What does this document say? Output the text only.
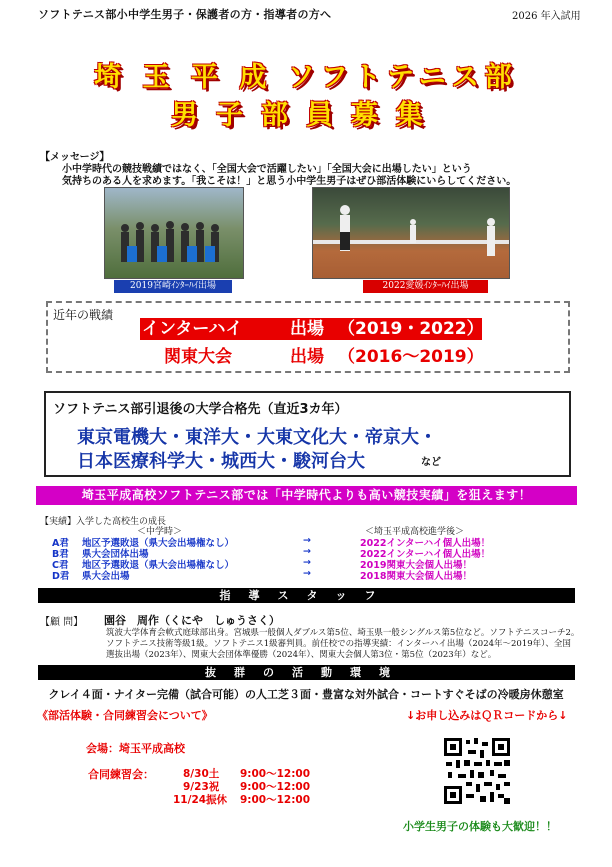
ソフトテニス部小中学生男子・保護者の方・指導者の方へ	2026 年入試用
埼 玉 平 成 ソフトテニス部
男子部員募集
【メッセージ】
小中学時代の競技戦績ではなく、「全国大会で活躍したい」「全国大会に出場したい」という
気持ちのある人を求めます。「我こそは！」と思う小中学生男子はぜひ部活体験にいらしてください。
2019宮崎ｲﾝﾀｰﾊｲ出場	2022愛媛ｲﾝﾀｰﾊｲ出場
近年の戦績
インターハイ	出場 （2019・2022）
関東大会	出場 （2016〜2019）
ソフトテニス部引退後の大学合格先（直近3カ年）
東京電機大・東洋大・大東文化大・帝京大・
日本医療科学大・城西大・駿河台大	など
埼玉平成高校ソフトテニス部では「中学時代よりも高い競技実績」を狙えます！
【実績】入学した高校生の成長
＜中学時＞	＜埼玉平成高校進学後＞
A君 地区予選敗退（県大会出場権なし）	→	2022インターハイ個人出場！
B君 県大会団体出場	→	2022インターハイ個人出場！
C君 地区予選敗退（県大会出場権なし）	→	2019関東大会個人出場！
D君 県大会出場	→	2018関東大会個人出場！
指導スタッフ
【顧 問】 園谷　周作（くにや　しゅうさく）
筑波大学体育会軟式庭球部出身。宮城県一般個人ダブルス第5位、埼玉県一般シングルス第5位など。ソフトテニスコーチ2。
ソフトテニス技術等級1級。ソフトテニス1級審判員。前任校での指導実績：インターハイ出場（2024年〜2019年）、全国
選抜出場（2023年）、関東大会団体準優勝（2024年）、関東大会個人第3位・第5位（2023年）など。
抜群の活動環境
クレイ４面・ナイター完備（試合可能）の人工芝３面・豊富な対外試合・コートすぐそばの冷暖房休憩室
《部活体験・合同練習会について》	↓お申し込みはＱＲコードから↓
会場：埼玉平成高校
合同練習会：	8/30土 9:00〜12:00
9/23祝 9:00〜12:00
11/24振休 9:00〜12:00
小学生男子の体験も大歓迎！！
